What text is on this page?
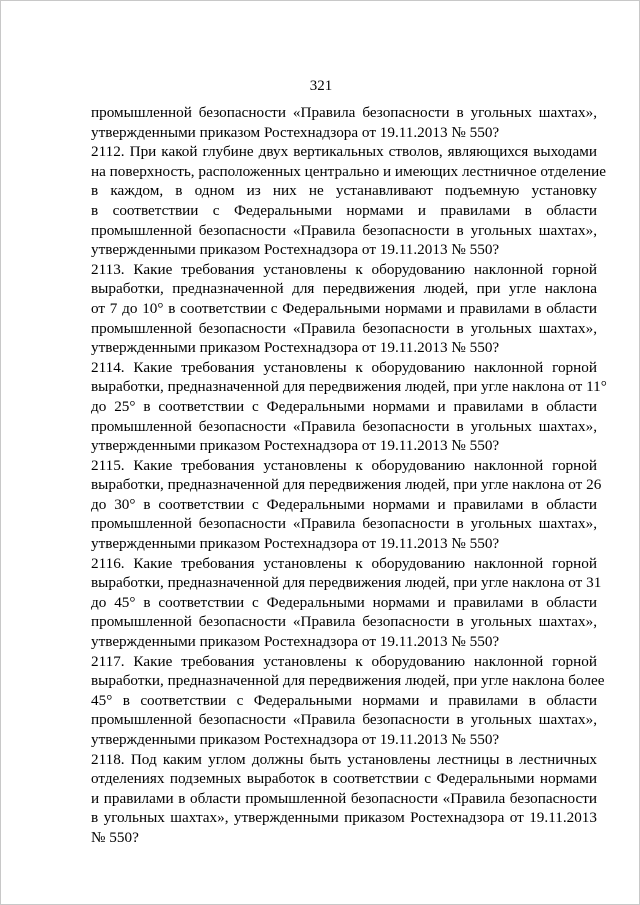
321
промышленной безопасности «Правила безопасности в угольных шахтах»,
утвержденными приказом Ростехнадзора от 19.11.2013 № 550?
2112. При какой глубине двух вертикальных стволов, являющихся выходами
на поверхность, расположенных центрально и имеющих лестничное отделение
в каждом, в одном из них не устанавливают подъемную установку
в соответствии с Федеральными нормами и правилами в области
промышленной безопасности «Правила безопасности в угольных шахтах»,
утвержденными приказом Ростехнадзора от 19.11.2013 № 550?
2113. Какие требования установлены к оборудованию наклонной горной
выработки, предназначенной для передвижения людей, при угле наклона
от 7 до 10° в соответствии с Федеральными нормами и правилами в области
промышленной безопасности «Правила безопасности в угольных шахтах»,
утвержденными приказом Ростехнадзора от 19.11.2013 № 550?
2114. Какие требования установлены к оборудованию наклонной горной
выработки, предназначенной для передвижения людей, при угле наклона от 11°
до 25° в соответствии с Федеральными нормами и правилами в области
промышленной безопасности «Правила безопасности в угольных шахтах»,
утвержденными приказом Ростехнадзора от 19.11.2013 № 550?
2115. Какие требования установлены к оборудованию наклонной горной
выработки, предназначенной для передвижения людей, при угле наклона от 26
до 30° в соответствии с Федеральными нормами и правилами в области
промышленной безопасности «Правила безопасности в угольных шахтах»,
утвержденными приказом Ростехнадзора от 19.11.2013 № 550?
2116. Какие требования установлены к оборудованию наклонной горной
выработки, предназначенной для передвижения людей, при угле наклона от 31
до 45° в соответствии с Федеральными нормами и правилами в области
промышленной безопасности «Правила безопасности в угольных шахтах»,
утвержденными приказом Ростехнадзора от 19.11.2013 № 550?
2117. Какие требования установлены к оборудованию наклонной горной
выработки, предназначенной для передвижения людей, при угле наклона более
45° в соответствии с Федеральными нормами и правилами в области
промышленной безопасности «Правила безопасности в угольных шахтах»,
утвержденными приказом Ростехнадзора от 19.11.2013 № 550?
2118. Под каким углом должны быть установлены лестницы в лестничных
отделениях подземных выработок в соответствии с Федеральными нормами
и правилами в области промышленной безопасности «Правила безопасности
в угольных шахтах», утвержденными приказом Ростехнадзора от 19.11.2013
№ 550?
